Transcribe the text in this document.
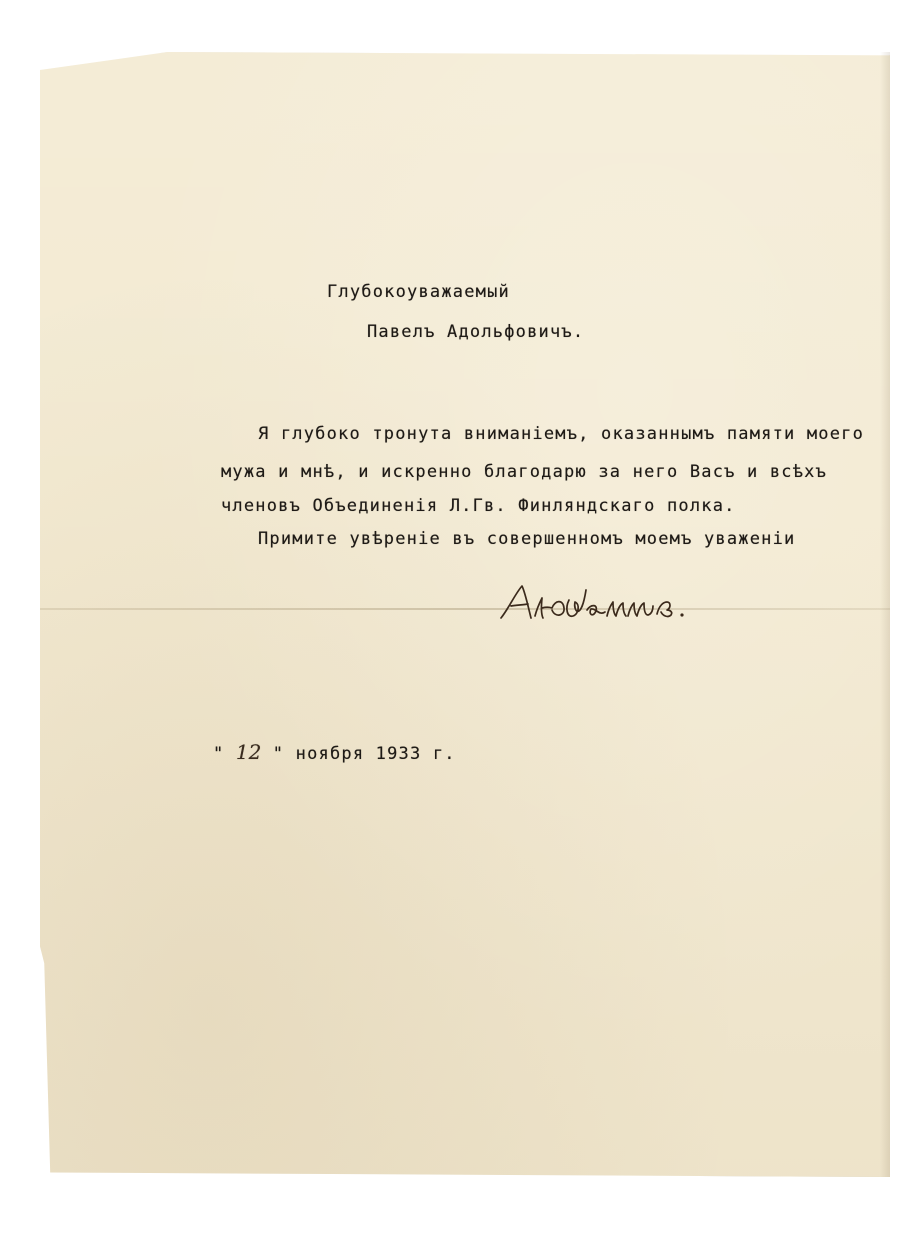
Глубокоуважаемый

Павелъ Адольфовичъ.

Я глубоко тронута вниманіемъ, оказаннымъ памяти моего

мужа и мнѣ, и искренно благодарю за него Васъ и всѣхъ

членовъ Объединенія Л.Гв. Финляндскаго полка.

Примите увѣреніе въ совершенномъ моемъ уваженіи

" 12 " ноября 1933 г.
